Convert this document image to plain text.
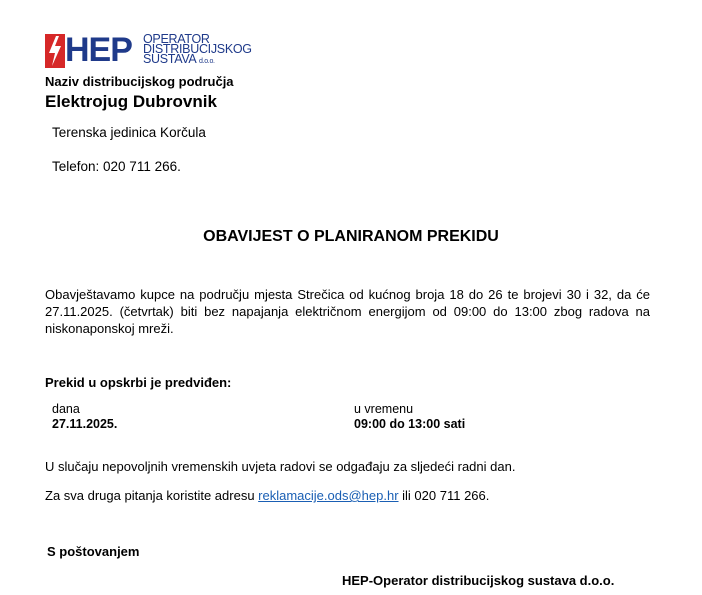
HEP OPERATOR
DISTRIBUCIJSKOG
SUSTAVA d.o.o.
Naziv distribucijskog područja
Elektrojug Dubrovnik
Terenska jedinica Korčula
Telefon: 020 711 266.
OBAVIJEST O PLANIRANOM PREKIDU
Obavještavamo kupce na području mjesta Strečica od kućnog broja 18 do 26 te brojevi 30 i 32, da će 27.11.2025. (četvrtak) biti bez napajanja električnom energijom od 09:00 do 13:00 zbog radova na niskonaponskoj mreži.
Prekid u opskrbi je predviđen:
dana
27.11.2025.
u vremenu
09:00 do 13:00 sati
U slučaju nepovoljnih vremenskih uvjeta radovi se odgađaju za sljedeći radni dan.
Za sva druga pitanja koristite adresu reklamacije.ods@hep.hr ili 020 711 266.
S poštovanjem
HEP-Operator distribucijskog sustava d.o.o.
